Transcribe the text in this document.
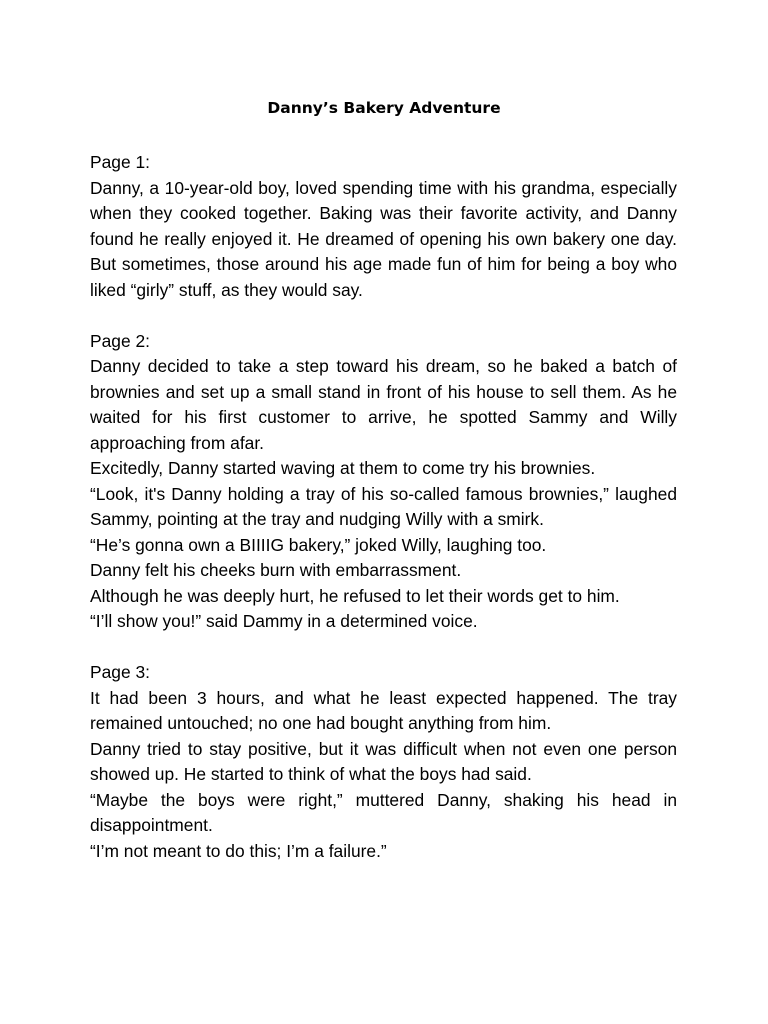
Danny’s Bakery Adventure

Page 1:

Danny, a 10-year-old boy, loved spending time with his grandma, especially when they cooked together. Baking was their favorite activity, and Danny found he really enjoyed it. He dreamed of opening his own bakery one day. But sometimes, those around his age made fun of him for being a boy who liked “girly” stuff, as they would say.

Page 2:

Danny decided to take a step toward his dream, so he baked a batch of brownies and set up a small stand in front of his house to sell them. As he waited for his first customer to arrive, he spotted Sammy and Willy approaching from afar.

Excitedly, Danny started waving at them to come try his brownies.

“Look, it's Danny holding a tray of his so-called famous brownies,” laughed Sammy, pointing at the tray and nudging Willy with a smirk.

“He’s gonna own a BIIIIG bakery,” joked Willy, laughing too.

Danny felt his cheeks burn with embarrassment.

Although he was deeply hurt, he refused to let their words get to him.

“I’ll show you!” said Dammy in a determined voice.

Page 3:

It had been 3 hours, and what he least expected happened. The tray remained untouched; no one had bought anything from him.

Danny tried to stay positive, but it was difficult when not even one person showed up. He started to think of what the boys had said.

“Maybe the boys were right,” muttered Danny, shaking his head in disappointment.

“I’m not meant to do this; I’m a failure.”
